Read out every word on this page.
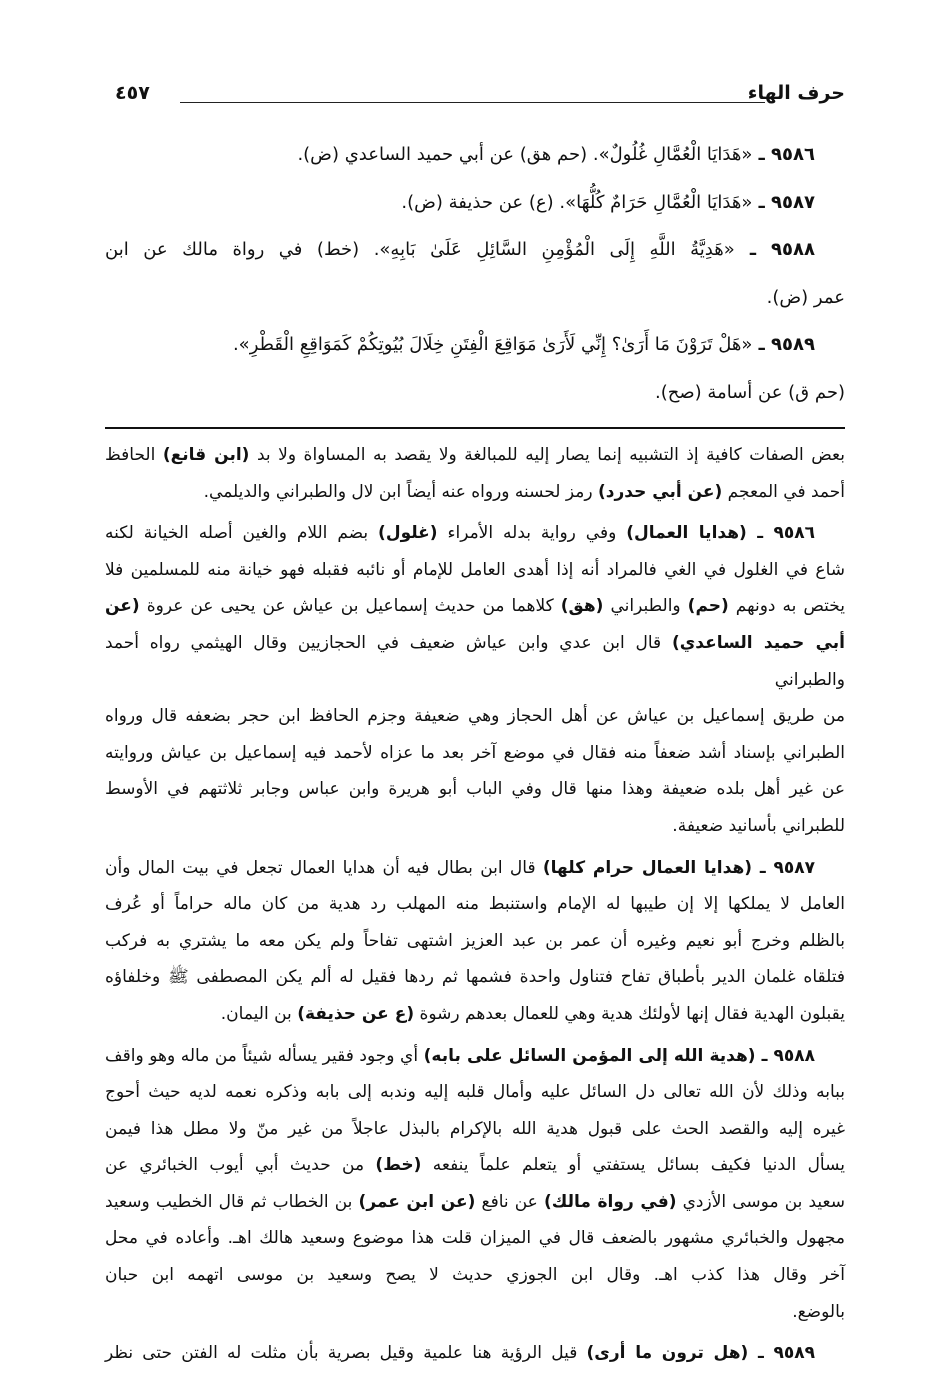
حرف الهاء
٤٥٧
٩٥٨٦ ـ «هَدَايَا الْعُمَّالِ غُلُولٌ». (حم هق) عن أبي حميد الساعدي (ض).
٩٥٨٧ ـ «هَدَايَا الْعُمَّالِ حَرَامٌ كُلُّهَا». (ع) عن حذيفة (ض).
٩٥٨٨ ـ «هَدِيَّةُ اللَّهِ إِلَى الْمُؤْمِنِ السَّائِلِ عَلَىٰ بَابِهِ». (خط) في رواة مالك عن ابن
عمر (ض).
٩٥٨٩ ـ «هَلْ تَرَوْنَ مَا أَرَىٰ؟ إِنِّي لَأَرَىٰ مَوَاقِعَ الْفِتَنِ خِلَالَ بُيُوتِكُمْ كَمَوَاقِعِ الْقَطْرِ».
(حم ق) عن أسامة (صح).
بعض الصفات كافية إذ التشبيه إنما يصار إليه للمبالغة ولا يقصد به المساواة ولا بد (ابن قانع) الحافظ
أحمد في المعجم (عن أبي حدرد) رمز لحسنه ورواه عنه أيضاً ابن لال والطبراني والديلمي.
٩٥٨٦ ـ (هدايا العمال) وفي رواية بدله الأمراء (غلول) بضم اللام والغين أصله الخيانة لكنه
شاع في الغلول في الغي فالمراد أنه إذا أهدى العامل للإمام أو نائبه فقبله فهو خيانة منه للمسلمين فلا
يختص به دونهم (حم) والطبراني (هق) كلاهما من حديث إسماعيل بن عياش عن يحيى عن عروة (عن
أبي حميد الساعدي) قال ابن عدي وابن عياش ضعيف في الحجازيين وقال الهيثمي رواه أحمد والطبراني
من طريق إسماعيل بن عياش عن أهل الحجاز وهي ضعيفة وجزم الحافظ ابن حجر بضعفه قال ورواه
الطبراني بإسناد أشد ضعفاً منه فقال في موضع آخر بعد ما عزاه لأحمد فيه إسماعيل بن عياش وروايته
عن غير أهل بلده ضعيفة وهذا منها قال وفي الباب أبو هريرة وابن عباس وجابر ثلاثتهم في الأوسط
للطبراني بأسانيد ضعيفة.
٩٥٨٧ ـ (هدايا العمال حرام كلها) قال ابن بطال فيه أن هدايا العمال تجعل في بيت المال وأن
العامل لا يملكها إلا إن طيبها له الإمام واستنبط منه المهلب رد هدية من كان ماله حراماً أو عُرف
بالظلم وخرج أبو نعيم وغيره أن عمر بن عبد العزيز اشتهى تفاحاً ولم يكن معه ما يشتري به فركب
فتلقاه غلمان الدير بأطباق تفاح فتناول واحدة فشمها ثم ردها فقيل له ألم يكن المصطفى ﷺ وخلفاؤه
يقبلون الهدية فقال إنها لأولئك هدية وهي للعمال بعدهم رشوة (ع عن حذيفة) بن اليمان.
٩٥٨٨ ـ (هدية الله إلى المؤمن السائل على بابه) أي وجود فقير يسأله شيئاً من ماله وهو واقف
ببابه وذلك لأن الله تعالى دل السائل عليه وأمال قلبه إليه وندبه إلى بابه وذكره نعمه لديه حيث أحوج
غيره إليه والقصد الحث على قبول هدية الله بالإكرام بالبذل عاجلاً من غير منّ ولا مطل هذا فيمن
يسأل الدنيا فكيف بسائل يستفتي أو يتعلم علماً ينفعه (خط) من حديث أبي أيوب الخبائري عن
سعيد بن موسى الأزدي (في رواة مالك) عن نافع (عن ابن عمر) بن الخطاب ثم قال الخطيب وسعيد
مجهول والخبائري مشهور بالضعف قال في الميزان قلت هذا موضوع وسعيد هالك اهـ. وأعاده في محل
آخر وقال هذا كذب اهـ. وقال ابن الجوزي حديث لا يصح وسعيد بن موسى اتهمه ابن حبان
بالوضع.
٩٥٨٩ ـ (هل ترون ما أرى) قيل الرؤية هنا علمية وقيل بصرية بأن مثلت له الفتن حتى نظر
